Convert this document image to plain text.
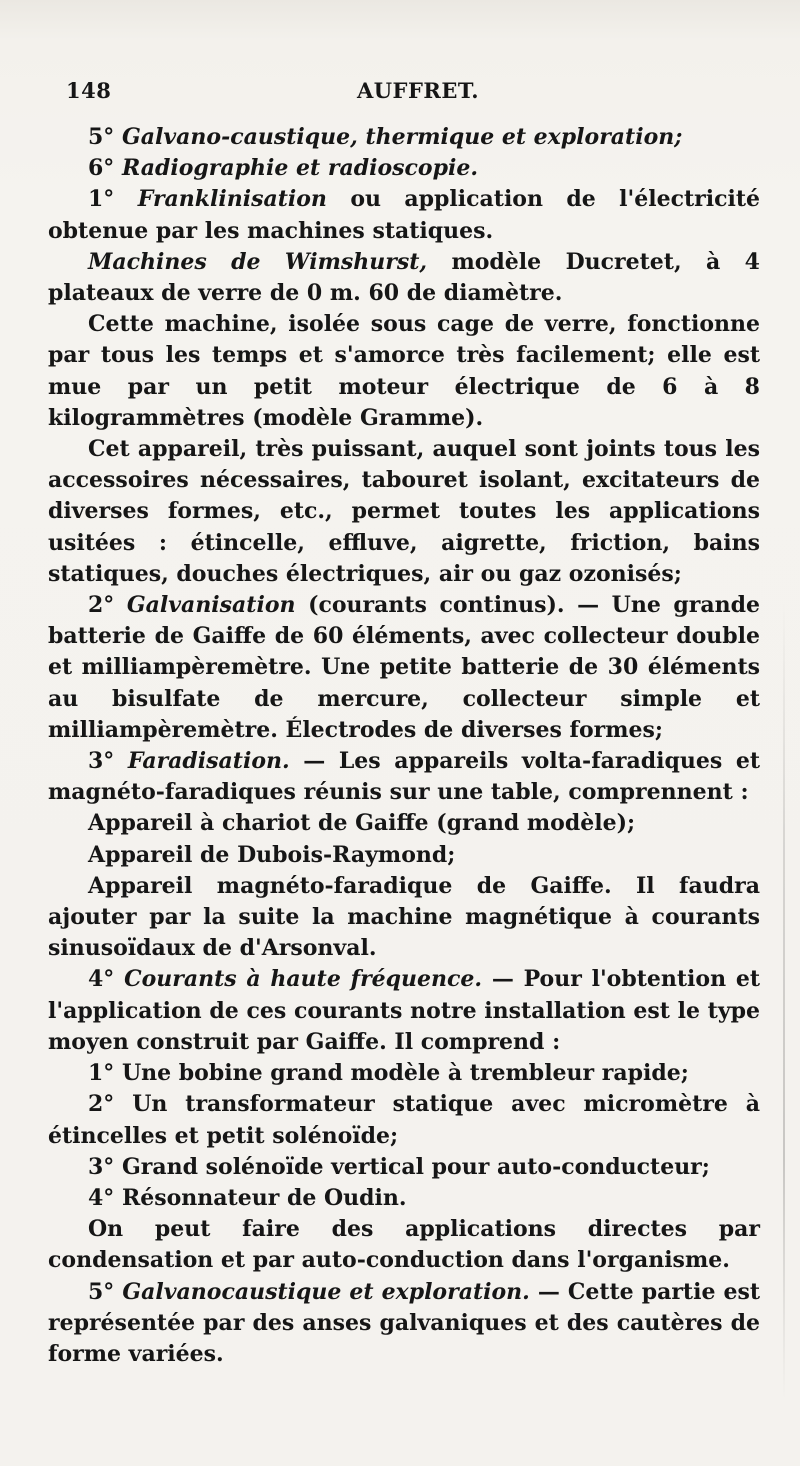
148	AUFFRET.

5° Galvano-caustique, thermique et exploration;

6° Radiographie et radioscopie.

1° Franklinisation ou application de l'électricité obtenue par les machines statiques.

Machines de Wimshurst, modèle Ducretet, à 4 plateaux de verre de 0 m. 60 de diamètre.

Cette machine, isolée sous cage de verre, fonctionne par tous les temps et s'amorce très facilement; elle est mue par un petit moteur électrique de 6 à 8 kilogrammètres (modèle Gramme).

Cet appareil, très puissant, auquel sont joints tous les accessoires nécessaires, tabouret isolant, excitateurs de diverses formes, etc., permet toutes les applications usitées : étincelle, effluve, aigrette, friction, bains statiques, douches électriques, air ou gaz ozonisés;

2° Galvanisation (courants continus). — Une grande batterie de Gaiffe de 60 éléments, avec collecteur double et milliampèremètre. Une petite batterie de 30 éléments au bisulfate de mercure, collecteur simple et milliampèremètre. Électrodes de diverses formes;

3° Faradisation. — Les appareils volta-faradiques et magnéto-faradiques réunis sur une table, comprennent :

Appareil à chariot de Gaiffe (grand modèle);

Appareil de Dubois-Raymond;

Appareil magnéto-faradique de Gaiffe. Il faudra ajouter par la suite la machine magnétique à courants sinusoïdaux de d'Arsonval.

4° Courants à haute fréquence. — Pour l'obtention et l'application de ces courants notre installation est le type moyen construit par Gaiffe. Il comprend :

1° Une bobine grand modèle à trembleur rapide;

2° Un transformateur statique avec micromètre à étincelles et petit solénoïde;

3° Grand solénoïde vertical pour auto-conducteur;

4° Résonnateur de Oudin.

On peut faire des applications directes par condensation et par auto-conduction dans l'organisme.

5° Galvanocaustique et exploration. — Cette partie est représentée par des anses galvaniques et des cautères de forme variées.
